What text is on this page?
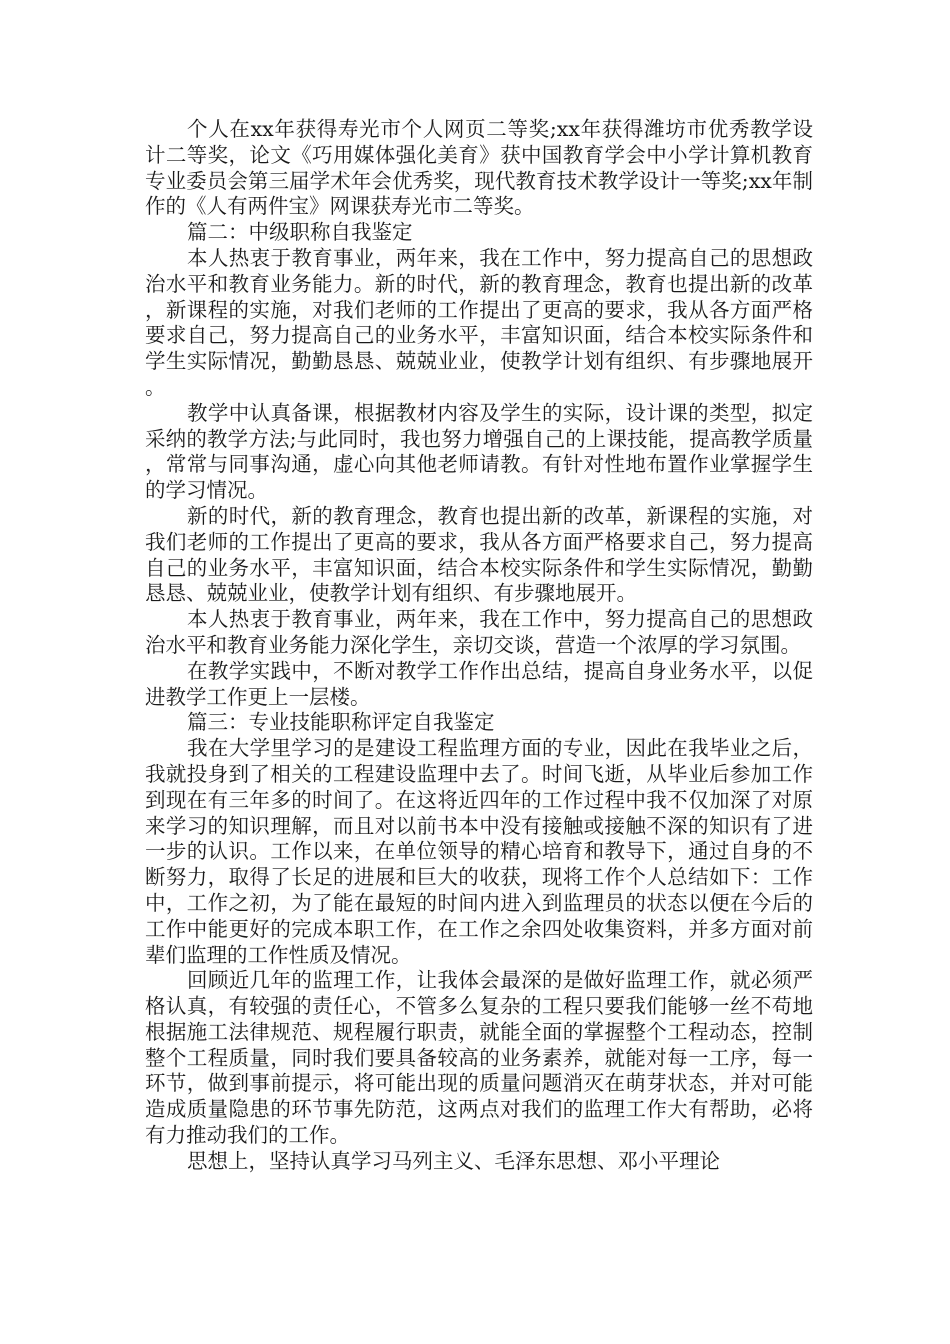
个人在xx年获得寿光市个人网页二等奖;xx年获得潍坊市优秀教学设计二等奖，论文《巧用媒体强化美育》获中国教育学会中小学计算机教育专业委员会第三届学术年会优秀奖，现代教育技术教学设计一等奖;xx年制作的《人有两件宝》网课获寿光市二等奖。

篇二：中级职称自我鉴定

本人热衷于教育事业，两年来，我在工作中，努力提高自己的思想政治水平和教育业务能力。新的时代，新的教育理念，教育也提出新的改革，新课程的实施，对我们老师的工作提出了更高的要求，我从各方面严格要求自己，努力提高自己的业务水平，丰富知识面，结合本校实际条件和学生实际情况，勤勤恳恳、兢兢业业，使教学计划有组织、有步骤地展开。

教学中认真备课，根据教材内容及学生的实际，设计课的类型，拟定采纳的教学方法;与此同时，我也努力增强自己的上课技能，提高教学质量，常常与同事沟通，虚心向其他老师请教。有针对性地布置作业掌握学生的学习情况。

新的时代，新的教育理念，教育也提出新的改革，新课程的实施，对我们老师的工作提出了更高的要求，我从各方面严格要求自己，努力提高自己的业务水平，丰富知识面，结合本校实际条件和学生实际情况，勤勤恳恳、兢兢业业，使教学计划有组织、有步骤地展开。

本人热衷于教育事业，两年来，我在工作中，努力提高自己的思想政治水平和教育业务能力深化学生，亲切交谈，营造一个浓厚的学习氛围。

在教学实践中，不断对教学工作作出总结，提高自身业务水平，以促进教学工作更上一层楼。

篇三：专业技能职称评定自我鉴定

我在大学里学习的是建设工程监理方面的专业，因此在我毕业之后，我就投身到了相关的工程建设监理中去了。时间飞逝，从毕业后参加工作到现在有三年多的时间了。在这将近四年的工作过程中我不仅加深了对原来学习的知识理解，而且对以前书本中没有接触或接触不深的知识有了进一步的认识。工作以来，在单位领导的精心培育和教导下，通过自身的不断努力，取得了长足的进展和巨大的收获，现将工作个人总结如下：工作中，工作之初，为了能在最短的时间内进入到监理员的状态以便在今后的工作中能更好的完成本职工作，在工作之余四处收集资料，并多方面对前辈们监理的工作性质及情况。

回顾近几年的监理工作，让我体会最深的是做好监理工作，就必须严格认真，有较强的责任心，不管多么复杂的工程只要我们能够一丝不苟地根据施工法律规范、规程履行职责，就能全面的掌握整个工程动态，控制整个工程质量，同时我们要具备较高的业务素养，就能对每一工序，每一环节，做到事前提示，将可能出现的质量问题消灭在萌芽状态，并对可能造成质量隐患的环节事先防范，这两点对我们的监理工作大有帮助，必将有力推动我们的工作。

思想上，坚持认真学习马列主义、毛泽东思想、邓小平理论
